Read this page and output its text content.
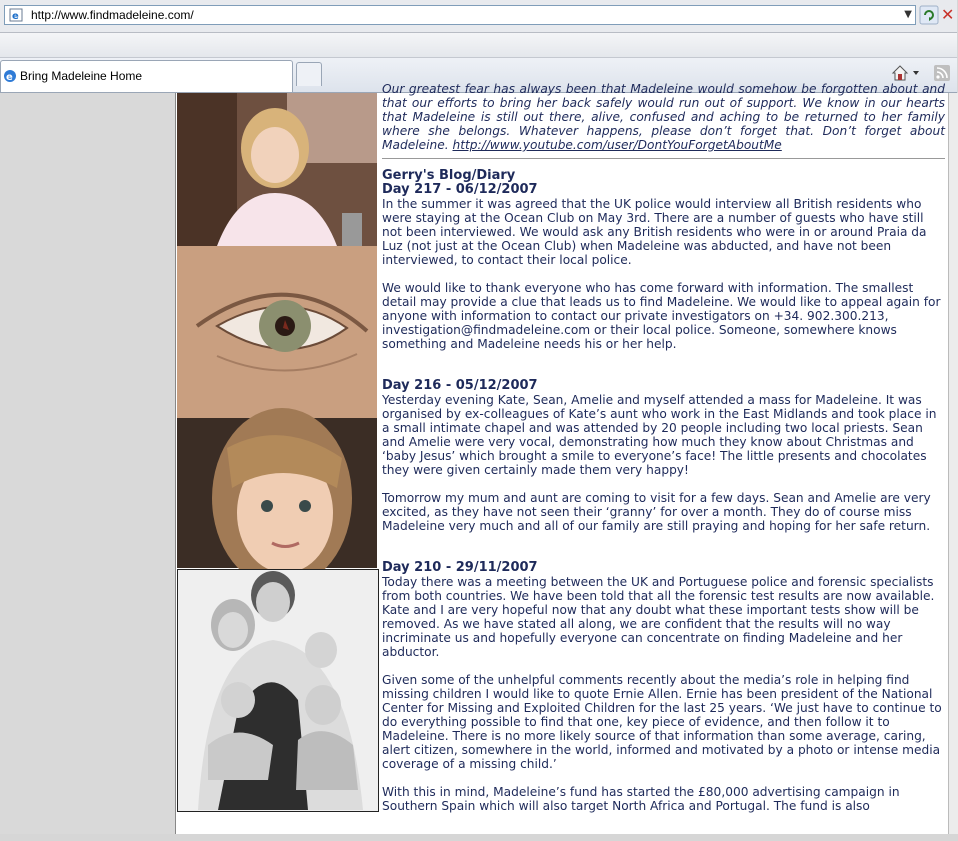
e http://www.findmadeleine.com/	▼ ✕
e Bring Madeleine Home
Our greatest fear has always been that Madeleine would somehow be forgotten about and that our efforts to bring her back safely would run out of support. We know in our hearts that Madeleine is still out there, alive, confused and aching to be returned to her family where she belongs. Whatever happens, please don’t forget that. Don’t forget about Madeleine. http://www.youtube.com/user/DontYouForgetAboutMe
Gerry's Blog/Diary
Day 217 - 06/12/2007

In the summer it was agreed that the UK police would interview all British residents who were staying at the Ocean Club on May 3rd. There are a number of guests who have still not been interviewed. We would ask any British residents who were in or around Praia da Luz (not just at the Ocean Club) when Madeleine was abducted, and have not been interviewed, to contact their local police.

We would like to thank everyone who has come forward with information. The smallest detail may provide a clue that leads us to find Madeleine. We would like to appeal again for anyone with information to contact our private investigators on +34. 902.300.213, investigation@findmadeleine.com or their local police. Someone, somewhere knows something and Madeleine needs his or her help.

Day 216 - 05/12/2007

Yesterday evening Kate, Sean, Amelie and myself attended a mass for Madeleine. It was organised by ex-colleagues of Kate’s aunt who work in the East Midlands and took place in a small intimate chapel and was attended by 20 people including two local priests. Sean and Amelie were very vocal, demonstrating how much they know about Christmas and ‘baby Jesus’ which brought a smile to everyone’s face! The little presents and chocolates they were given certainly made them very happy!

Tomorrow my mum and aunt are coming to visit for a few days. Sean and Amelie are very excited, as they have not seen their ‘granny’ for over a month. They do of course miss Madeleine very much and all of our family are still praying and hoping for her safe return.

Day 210 - 29/11/2007

Today there was a meeting between the UK and Portuguese police and forensic specialists from both countries. We have been told that all the forensic test results are now available. Kate and I are very hopeful now that any doubt what these important tests show will be removed. As we have stated all along, we are confident that the results will no way incriminate us and hopefully everyone can concentrate on finding Madeleine and her abductor.

Given some of the unhelpful comments recently about the media’s role in helping find missing children I would like to quote Ernie Allen. Ernie has been president of the National Center for Missing and Exploited Children for the last 25 years. ‘We just have to continue to do everything possible to find that one, key piece of evidence, and then follow it to Madeleine. There is no more likely source of that information than some average, caring, alert citizen, somewhere in the world, informed and motivated by a photo or intense media coverage of a missing child.’

With this in mind, Madeleine’s fund has started the £80,000 advertising campaign in Southern Spain which will also target North Africa and Portugal. The fund is also
